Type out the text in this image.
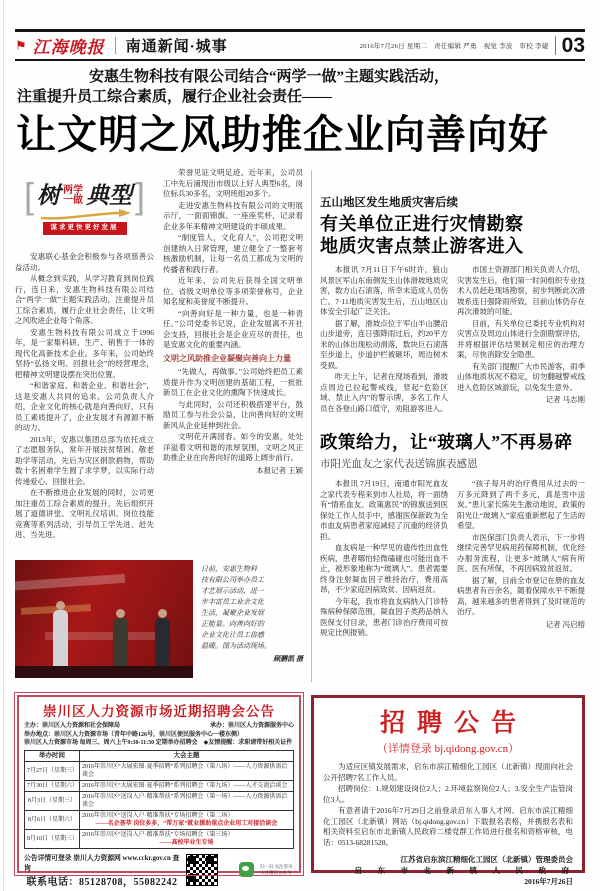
⚑ 江海晚报 南通新闻·城事	2016年7月26日 星期二　责任编辑 严勇　视觉 李波　审校 李婕 03
安惠生物科技有限公司结合“两学一做”主题实践活动，
注重提升员工综合素质，履行企业社会责任——
让文明之风助推企业向善向好
[ 树 两学
一做 典型 ]
谋求更快更好发展

安惠联心基金会积极参与各项慈善公益活动。

从概念到实践，从学习教育到岗位践行，连日来，安惠生物科技有限公司结合“两学一做”主题实践活动，注重提升员工综合素质，履行企业社会责任，让文明之风吹进企业每个角落。

安惠生物科技有限公司成立于1996年，是一家集科研、生产、销售于一体的现代化高新技术企业。多年来，公司始终坚持“弘扬文明、回报社会”的经营理念，把精神文明建设摆在突出位置。

“和谐家庭、和谐企业、和谐社会”，这是安惠人共同的追求。公司负责人介绍，企业文化的核心就是向善向好，只有员工素质提升了，企业发展才有源源不断的动力。

2013年，安惠以集团总部为依托成立了志愿服务队，常年开展扶贫帮困、敬老助学等活动，先后为灾区捐款捐物，帮助数十名困难学生圆了求学梦，以实际行动传递爱心、回报社会。

在不断推进企业发展的同时，公司更加注重员工综合素质的提升，先后组织开展了道德讲堂、文明礼仪培训、岗位技能竞赛等系列活动，引导员工学先进、赶先进、当先进。

荣誉见证文明足迹。近年来，公司员工中先后涌现出市级以上好人典型6名，岗位标兵30多名，文明班组20多个。

走进安惠生物科技有限公司的文明展示厅，一面面锦旗、一座座奖杯，记录着企业多年来精神文明建设的丰硕成果。

“制度管人，文化育人”，公司把文明创建纳入日常管理，建立健全了一整套考核激励机制，让每一名员工都成为文明的传播者和践行者。

近年来，公司先后获得全国文明单位、省级文明单位等多项荣誉称号，企业知名度和美誉度不断提升。

“向善向好是一种力量，也是一种责任。”公司党委书记说，企业发展离不开社会支持，回报社会是企业应尽的责任，也是安惠文化的重要内涵。

文明之风助推企业凝聚向善向上力量

“先做人，再做事。”公司始终把员工素质提升作为文明创建的基础工程，一批批新员工在企业文化的熏陶下快速成长。

与此同时，公司还积极搭建平台，鼓励员工参与社会公益，让向善向好的文明新风从企业延伸到社会。

文明花开满园春。如今的安惠，处处洋溢着文明和谐的浓厚氛围，文明之风正助推企业在向善向好的道路上阔步前行。

本报记者 王颖
日前，安惠生物科
技有限公司举办员工
才艺展示活动，进一
步丰富员工业余文化
生活，凝聚企业发展
正能量。向善向好的
企业文化让员工倍感
温暖。图为活动现场。
顾鹏凯 摄
五山地区发生地质灾害后续
有关单位正进行灾情勘察
地质灾害点禁止游客进入

本报讯 7月11日下午6时许，狼山风景区军山东南侧发生山体滑坡地质灾害，数方山石滚落，所幸未造成人员伤亡。7·11地质灾害发生后，五山地区山体安全引起广泛关注。

据了解，滑坡点位于军山半山腰沿山步道旁，连日强降雨过后，约20平方米的山体出现松动滑落，数块巨石滚落至步道上，步道护栏被砸坏，周边树木受损。

昨天上午，记者在现场看到，滑坡点周边已拉起警戒线，竖起“危险区域、禁止入内”的警示牌，多名工作人员在各登山路口值守，劝阻游客进入。

市国土资源部门相关负责人介绍，灾害发生后，他们第一时间组织专业技术人员赶赴现场勘察，初步判断此次滑坡系连日强降雨所致，目前山体仍存在再次滑坡的可能。

目前，有关单位已委托专业机构对灾害点及周边山体进行全面勘察评估，并将根据评估结果制定相应的治理方案，尽快消除安全隐患。

有关部门提醒广大市民游客，雨季山体地质状况不稳定，切勿翻越警戒线进入危险区域游玩，以免发生意外。

记者 马志刚
政策给力，让“玻璃人”不再易碎
市阳光血友之家代表送锦旗表感恩

本报讯 7月19日，南通市阳光血友之家代表专程来到市人社局，将一面绣有“情系血友、政策惠民”的锦旗送到医保处工作人员手中，感谢医保新政为全市血友病患者家庭减轻了沉重的经济负担。

血友病是一种罕见的遗传性出血性疾病，患者哪怕轻微磕碰也可能出血不止，被形象地称为“玻璃人”。患者需要终身注射凝血因子维持治疗，费用高昂，不少家庭因病致贫、因病返贫。

今年起，我市将血友病纳入门诊特殊病种保障范围，凝血因子类药品纳入医保支付目录，患者门诊治疗费用可按规定比例报销。

“孩子每月的治疗费用从过去的一万多元降到了两千多元，真是雪中送炭。”患儿家长陈先生激动地说，政策的阳光让“玻璃人”家庭重新燃起了生活的希望。

市医保部门负责人表示，下一步将继续完善罕见病用药保障机制，优化经办服务流程，让更多“玻璃人”病有所医、医有所保，不再因病致贫返贫。

据了解，目前全市登记在册的血友病患者有百余名，随着保障水平不断提高，越来越多的患者得到了及时规范的治疗。

记者 冯启榕
崇川区人力资源市场近期招聘会公告
主办：崇川区人力资源和社会保障局	承办：崇川区人力资源服务中心
举办地点：崇川区人力资源市场（青年中路126号，崇川区便民服务中心一楼东侧）
崇川区人力资源市场 每周三、周六上午9:30-11:30 定期举办招聘会　◆友情提醒：求职请带好相关证件
举办时间	大会主题
7月27日（星期三）	2016年崇川区“大展宏图·夏季招聘”系列招聘会（第八场）——人力资源供需洽谈会

7月30日（星期六）	2016年崇川区“大展宏图·夏季招聘”系列招聘会（第九场）——人才交流洽谈会

8月3日（星期三）	2016年崇川区“送岗入户·精准帮扶”系列招聘会（第一场）——人力资源供需洽谈会

8月6日（星期六）	2016年崇川区“送岗入户·精准帮扶”专场招聘会（第二场）
——名企荟萃 岗位多多，“帮万家”就业援助重点企业用工对接洽谈会

8月10日（星期三）	2016年崇川区“送岗入户·精准帮扶”专场招聘会（第三场）
——高校毕业生专场
公告详情可登录 崇川人力资源网 www.cckr.gov.cn 查询
联系电话：85128708，55082242
←	扫一扫 关注崇川人社微信公众号
招聘公告
（详情登录 bj.qidong.gov.cn）

为适应区镇发展需求，启东市滨江精细化工园区（北新镇）现面向社会公开招聘7名工作人员。

招聘岗位：1.规划建设岗位2人；2.环境监察岗位2人；3.安全生产监管岗位3人。

有意者请于2016年7月29日之前登录启东人事人才网、启东市滨江精细化工园区（北新镇）网站（bj.qidong.gov.cn）下载报名表格，并携报名表和相关资料至启东市北新镇人民政府二楼党群工作局进行报名和资格审核，电话：0513-68281528。

江苏省启东滨江精细化工园区（北新镇）管理委员会
启　东　市　北　新　镇　人　民　政　府
2016年7月26日
